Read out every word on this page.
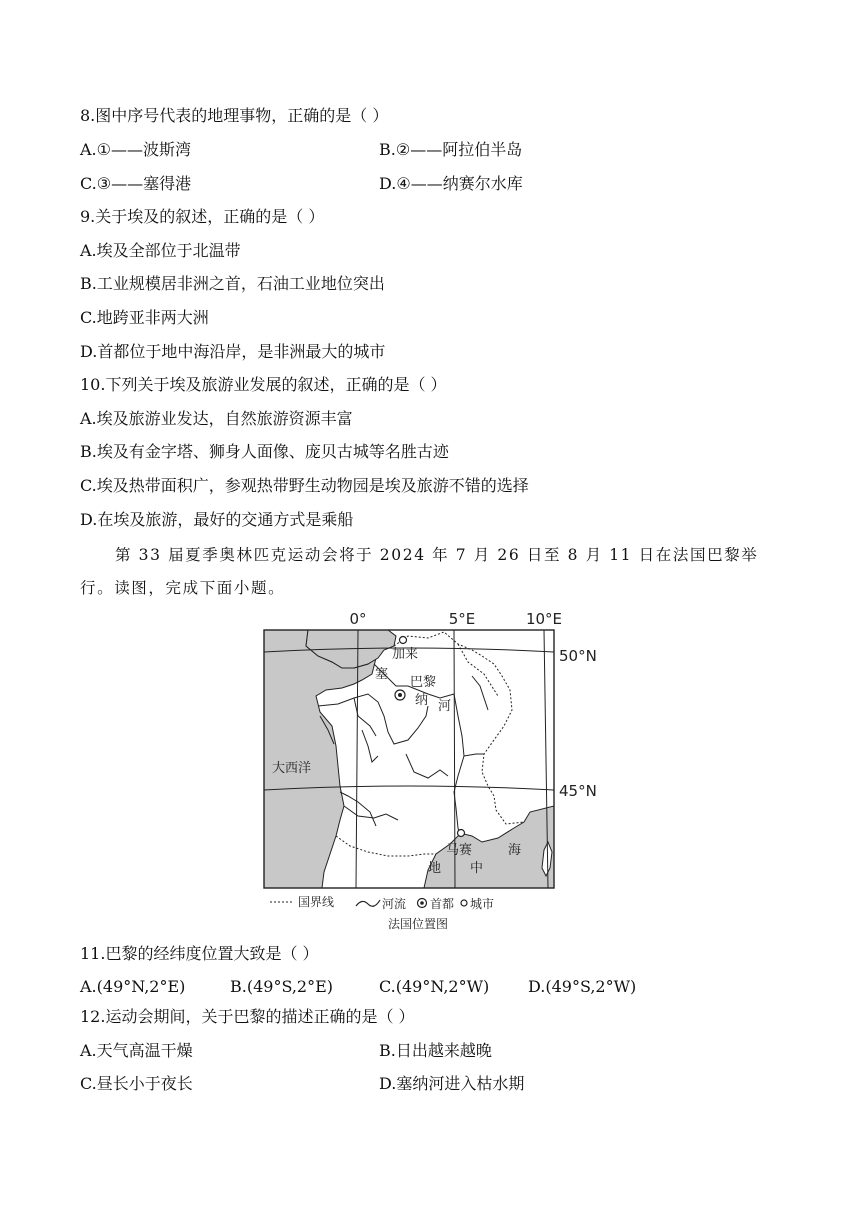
8.图中序号代表的地理事物，正确的是（ ）
A.①——波斯湾	B.②——阿拉伯半岛
C.③——塞得港	D.④——纳赛尔水库
9.关于埃及的叙述，正确的是（ ）
A.埃及全部位于北温带
B.工业规模居非洲之首，石油工业地位突出
C.地跨亚非两大洲
D.首都位于地中海沿岸，是非洲最大的城市
10.下列关于埃及旅游业发展的叙述，正确的是（ ）
A.埃及旅游业发达，自然旅游资源丰富
B.埃及有金字塔、狮身人面像、庞贝古城等名胜古迹
C.埃及热带面积广，参观热带野生动物园是埃及旅游不错的选择
D.在埃及旅游，最好的交通方式是乘船
第 33 届夏季奥林匹克运动会将于 2024 年 7 月 26 日至 8 月 11 日在法国巴黎举行。读图，完成下面小题。
0°	5°E	10°E
50°N
45°N
加来
巴黎
塞
纳 河
大西洋
马赛
地 中
海
国界线	河流 首都 城市
法国位置图
11.巴黎的经纬度位置大致是（ ）
A.(49°N,2°E)	B.(49°S,2°E)	C.(49°N,2°W) D.(49°S,2°W)
12.运动会期间，关于巴黎的描述正确的是（ ）
A.天气高温干燥	B.日出越来越晚
C.昼长小于夜长	D.塞纳河进入枯水期
